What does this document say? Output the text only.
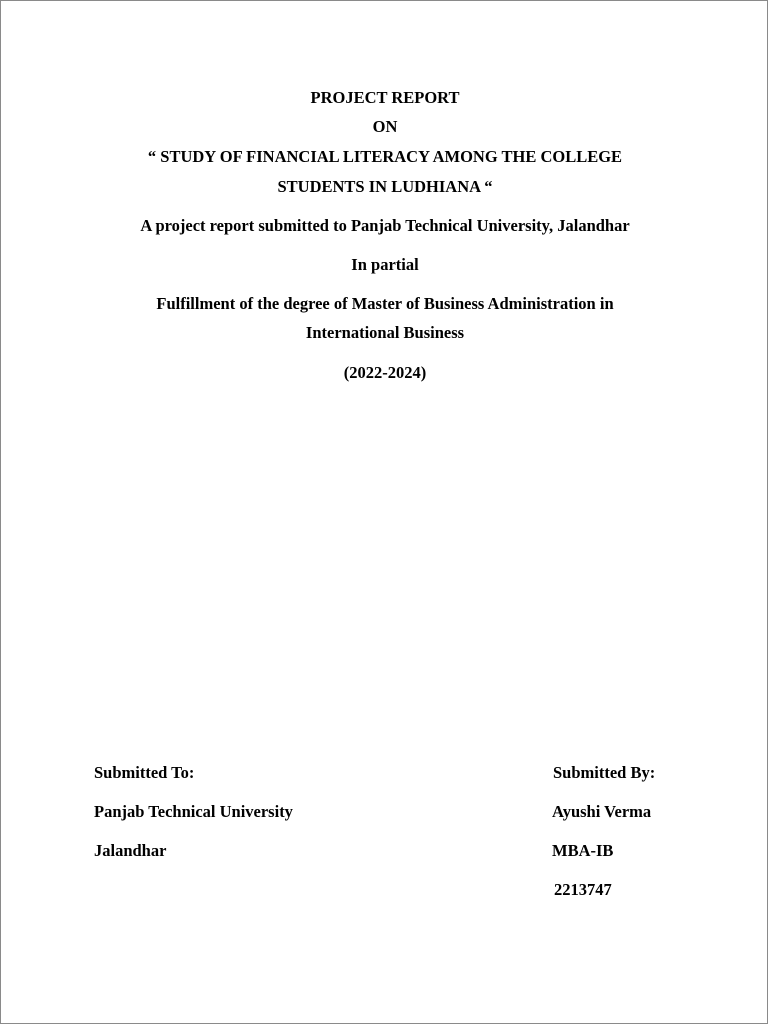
PROJECT REPORT
ON
“ STUDY OF FINANCIAL LITERACY AMONG THE COLLEGE
STUDENTS IN LUDHIANA “
A project report submitted to Panjab Technical University, Jalandhar
In partial
Fulfillment of the degree of Master of Business Administration in
International Business
(2022-2024)
Submitted To:
Panjab Technical University
Jalandhar
Submitted By:
Ayushi Verma
MBA-IB
2213747
